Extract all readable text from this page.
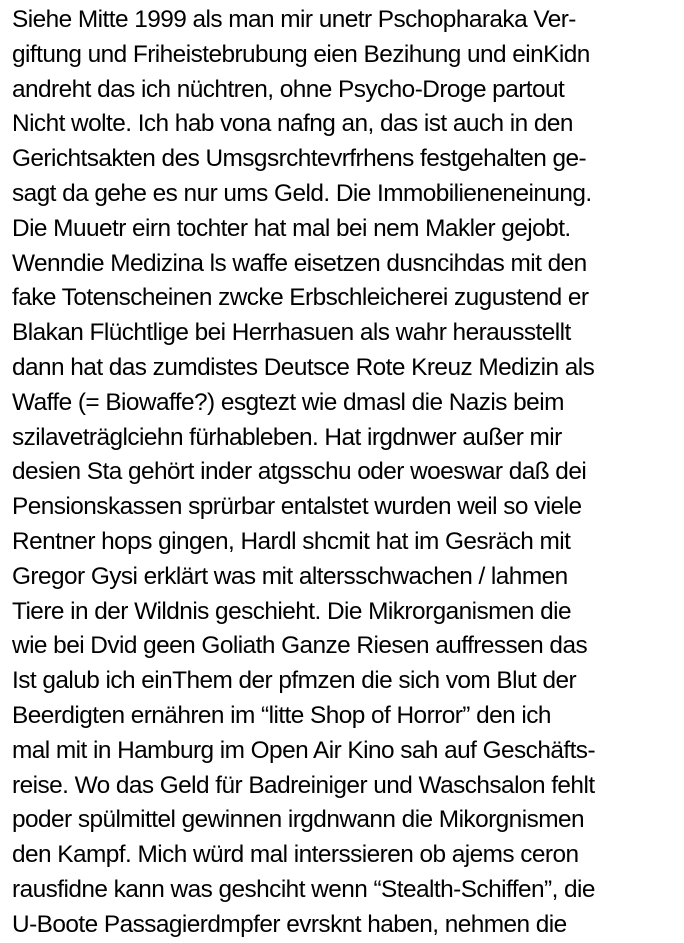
Siehe Mitte 1999 als man mir unetr Pschopharaka Ver-
giftung und Friheistebrubung eien Bezihung und einKidn
andreht das ich nüchtren, ohne Psycho-Droge partout
Nicht wolte. Ich hab vona nafng an, das ist auch in den
Gerichtsakten des Umsgsrchtevrfrhens festgehalten ge-
sagt da gehe es nur ums Geld. Die Immobilieneneinung.
Die Muuetr eirn tochter hat mal bei nem Makler gejobt.
Wenndie Medizina ls waffe eisetzen dusncihdas mit den
fake Totenscheinen zwcke Erbschleicherei zugustend er
Blakan Flüchtlige bei Herrhasuen als wahr herausstellt
dann hat das zumdistes Deutsce Rote Kreuz Medizin als
Waffe (= Biowaffe?) esgtezt wie dmasl die Nazis beim
szilaveträglciehn fürhableben. Hat irgdnwer außer mir
desien Sta gehört inder atgsschu oder woeswar daß dei
Pensionskassen sprürbar entalstet wurden weil so viele
Rentner hops gingen, Hardl shcmit hat im Gesräch mit
Gregor Gysi erklärt was mit altersschwachen / lahmen
Tiere in der Wildnis geschieht. Die Mikrorganismen die
wie bei Dvid geen Goliath Ganze Riesen auffressen das
Ist galub ich einThem der pfmzen die sich vom Blut der
Beerdigten ernähren im “litte Shop of Horror” den ich
mal mit in Hamburg im Open Air Kino sah auf Geschäfts-
reise. Wo das Geld für Badreiniger und Waschsalon fehlt
poder spülmittel gewinnen irgdnwann die Mikorgnismen
den Kampf. Mich würd mal interssieren ob ajems ceron
rausfidne kann was geshciht wenn “Stealth-Schiffen”, die
U-Boote Passagierdmpfer evrsknt haben, nehmen die
